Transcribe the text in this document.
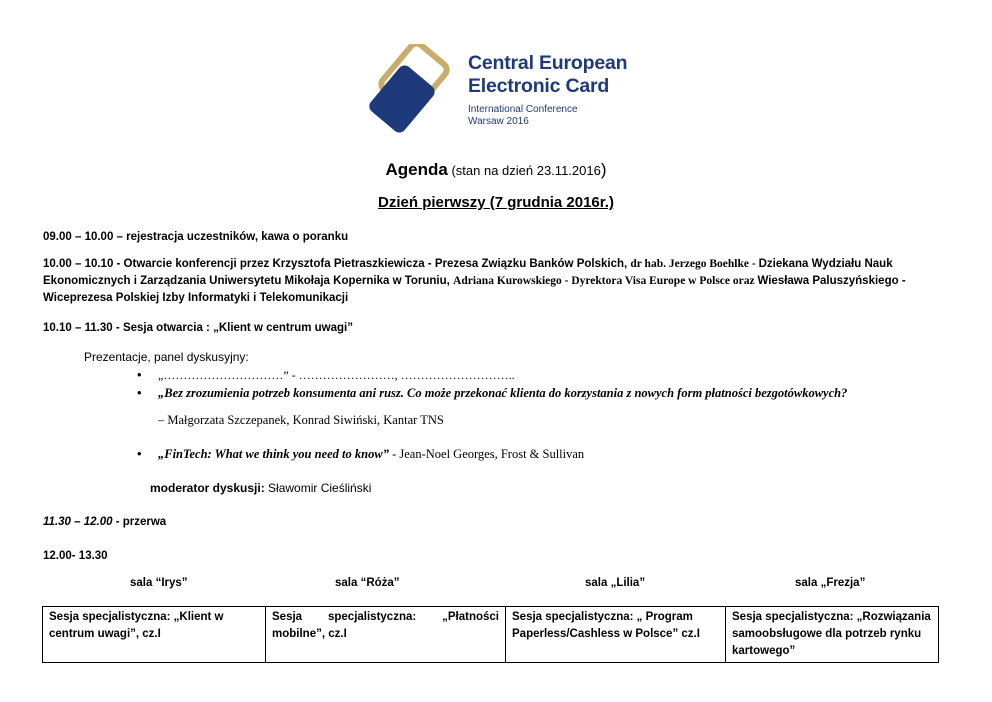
Central European
Electronic Card
International Conference
Warsaw 2016
Agenda (stan na dzień 23.11.2016)
Dzień pierwszy (7 grudnia 2016r.)
09.00 – 10.00 – rejestracja uczestników, kawa o poranku
10.00 – 10.10 - Otwarcie konferencji przez Krzysztofa Pietraszkiewicza - Prezesa Związku Banków Polskich, dr hab. Jerzego Boehlke - Dziekana Wydziału Nauk Ekonomicznych i Zarządzania Uniwersytetu Mikołaja Kopernika w Toruniu, Adriana Kurowskiego - Dyrektora Visa Europe w Polsce oraz Wiesława Paluszyńskiego - Wiceprezesa Polskiej Izby Informatyki i Telekomunikacji
10.10 – 11.30 - Sesja otwarcia : „Klient w centrum uwagi”
Prezentacje, panel dyskusyjny:
• „…………………………” - ……………………, ………………………..
• „Bez zrozumienia potrzeb konsumenta ani rusz. Co może przekonać klienta do korzystania z nowych form płatności bezgotówkowych?
– Małgorzata Szczepanek, Konrad Siwiński, Kantar TNS
• „FinTech: What we think you need to know” - Jean-Noel Georges, Frost & Sullivan
moderator dyskusji: Sławomir Cieśliński
11.30 – 12.00 - przerwa
12.00- 13.30
sala “Irys”	sala “Róża”	sala „Lilia”	sala „Frezja”
Sesja specjalistyczna: „Klient w centrum uwagi”, cz.I	Sesja specjalistyczna: „Płatności mobilne”, cz.I	Sesja specjalistyczna: „ Program Paperless/Cashless w Polsce” cz.I	Sesja specjalistyczna: „Rozwiązania samoobsługowe dla potrzeb rynku kartowego”
